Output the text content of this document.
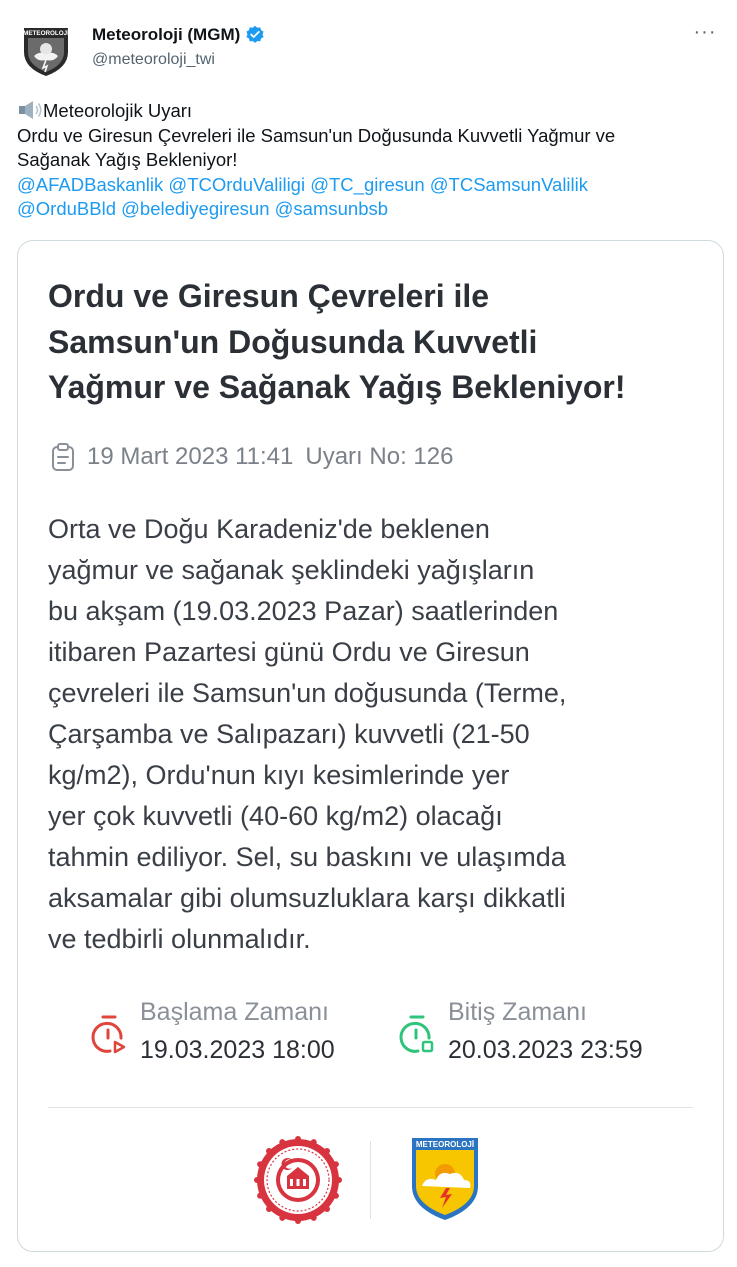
METEOROLOJİ Meteoroloji (MGM)
@meteoroloji_twi
···
Meteorolojik Uyarı
Ordu ve Giresun Çevreleri ile Samsun'un Doğusunda Kuvvetli Yağmur ve
Sağanak Yağış Bekleniyor!
@AFADBaskanlik @TCOrduValiligi @TC_giresun @TCSamsunValilik
@OrduBBld @belediyegiresun @samsunbsb
Ordu ve Giresun Çevreleri ile
Samsun'un Doğusunda Kuvvetli
Yağmur ve Sağanak Yağış Bekleniyor!
19 Mart 2023 11:41 Uyarı No: 126
Orta ve Doğu Karadeniz'de beklenen
yağmur ve sağanak şeklindeki yağışların
bu akşam (19.03.2023 Pazar) saatlerinden
itibaren Pazartesi günü Ordu ve Giresun
çevreleri ile Samsun'un doğusunda (Terme,
Çarşamba ve Salıpazarı) kuvvetli (21-50
kg/m2), Ordu'nun kıyı kesimlerinde yer
yer çok kuvvetli (40-60 kg/m2) olacağı
tahmin ediliyor. Sel, su baskını ve ulaşımda
aksamalar gibi olumsuzluklara karşı dikkatli
ve tedbirli olunmalıdır.
Başlama Zamanı
19.03.2023 18:00
Bitiş Zamanı
20.03.2023 23:59
METEOROLOJİ
